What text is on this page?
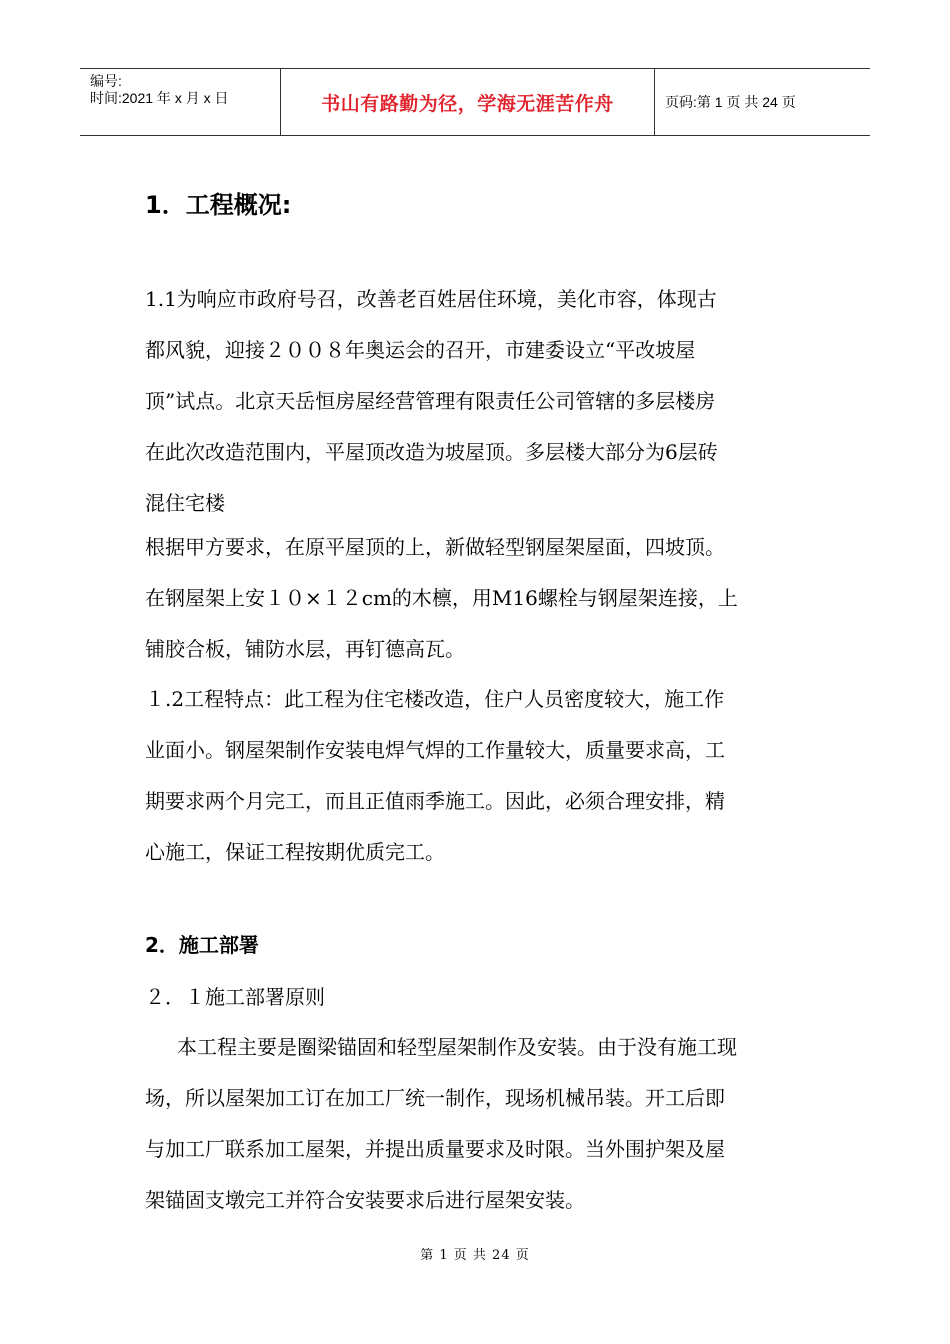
编号:
时间:2021 年 x 月 x 日	书山有路勤为径，学海无涯苦作舟	页码:第 1 页 共 24 页
1．工程概况:

1.1为响应市政府号召，改善老百姓居住环境，美化市容，体现古
都风貌，迎接２００８年奥运会的召开，市建委设立“平改坡屋
顶”试点。北京天岳恒房屋经营管理有限责任公司管辖的多层楼房
在此次改造范围内，平屋顶改造为坡屋顶。多层楼大部分为6层砖
混住宅楼

根据甲方要求，在原平屋顶的上，新做轻型钢屋架屋面，四坡顶。
在钢屋架上安１０×１２cm的木檩，用M16螺栓与钢屋架连接，上
铺胶合板，铺防水层，再钉德高瓦。

１.2工程特点：此工程为住宅楼改造，住户人员密度较大，施工作
业面小。钢屋架制作安装电焊气焊的工作量较大，质量要求高，工
期要求两个月完工，而且正值雨季施工。因此，必须合理安排，精
心施工，保证工程按期优质完工。

2．施工部署
２．１施工部署原则

本工程主要是圈梁锚固和轻型屋架制作及安装。由于没有施工现
场，所以屋架加工订在加工厂统一制作，现场机械吊装。开工后即
与加工厂联系加工屋架，并提出质量要求及时限。当外围护架及屋
架锚固支墩完工并符合安装要求后进行屋架安装。

第 1 页 共 24 页
